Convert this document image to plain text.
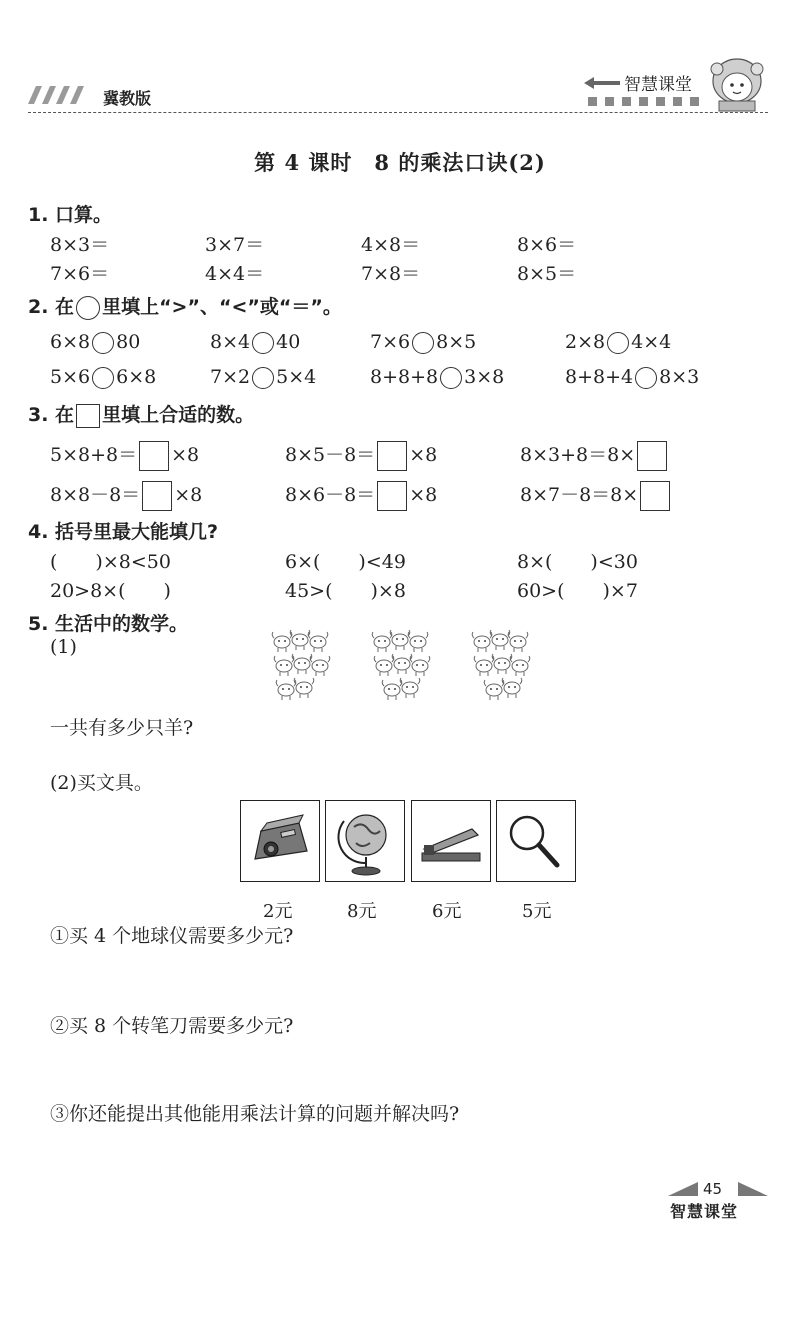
冀教版
智慧课堂
第 4 课时　8 的乘法口诀(2)
1. 口算。
8×3＝	3×7＝	4×8＝	8×6＝
7×6＝	4×4＝	7×8＝	8×5＝
2. 在 里填上“>”、“<”或“＝”。
6×8 80	8×4 40	7×6 8×5	2×8 4×4
5×6 6×8	7×2 5×4	8+8+8 3×8	8+8+4 8×3
3. 在 里填上合适的数。
5×8+8＝ ×8	8×5－8＝ ×8	8×3+8＝8×
8×8－8＝ ×8	8×6－8＝ ×8	8×7－8＝8×
4. 括号里最大能填几?
(　　)×8<50	6×(　　)<49	8×(　　)<30
20>8×(　　)	45>(　　)×8	60>(　　)×7
5. 生活中的数学。
(1)
一共有多少只羊?
(2)买文具。
2元	8元	6元	5元
①买 4 个地球仪需要多少元?
②买 8 个转笔刀需要多少元?
③你还能提出其他能用乘法计算的问题并解决吗?
45
智慧课堂
